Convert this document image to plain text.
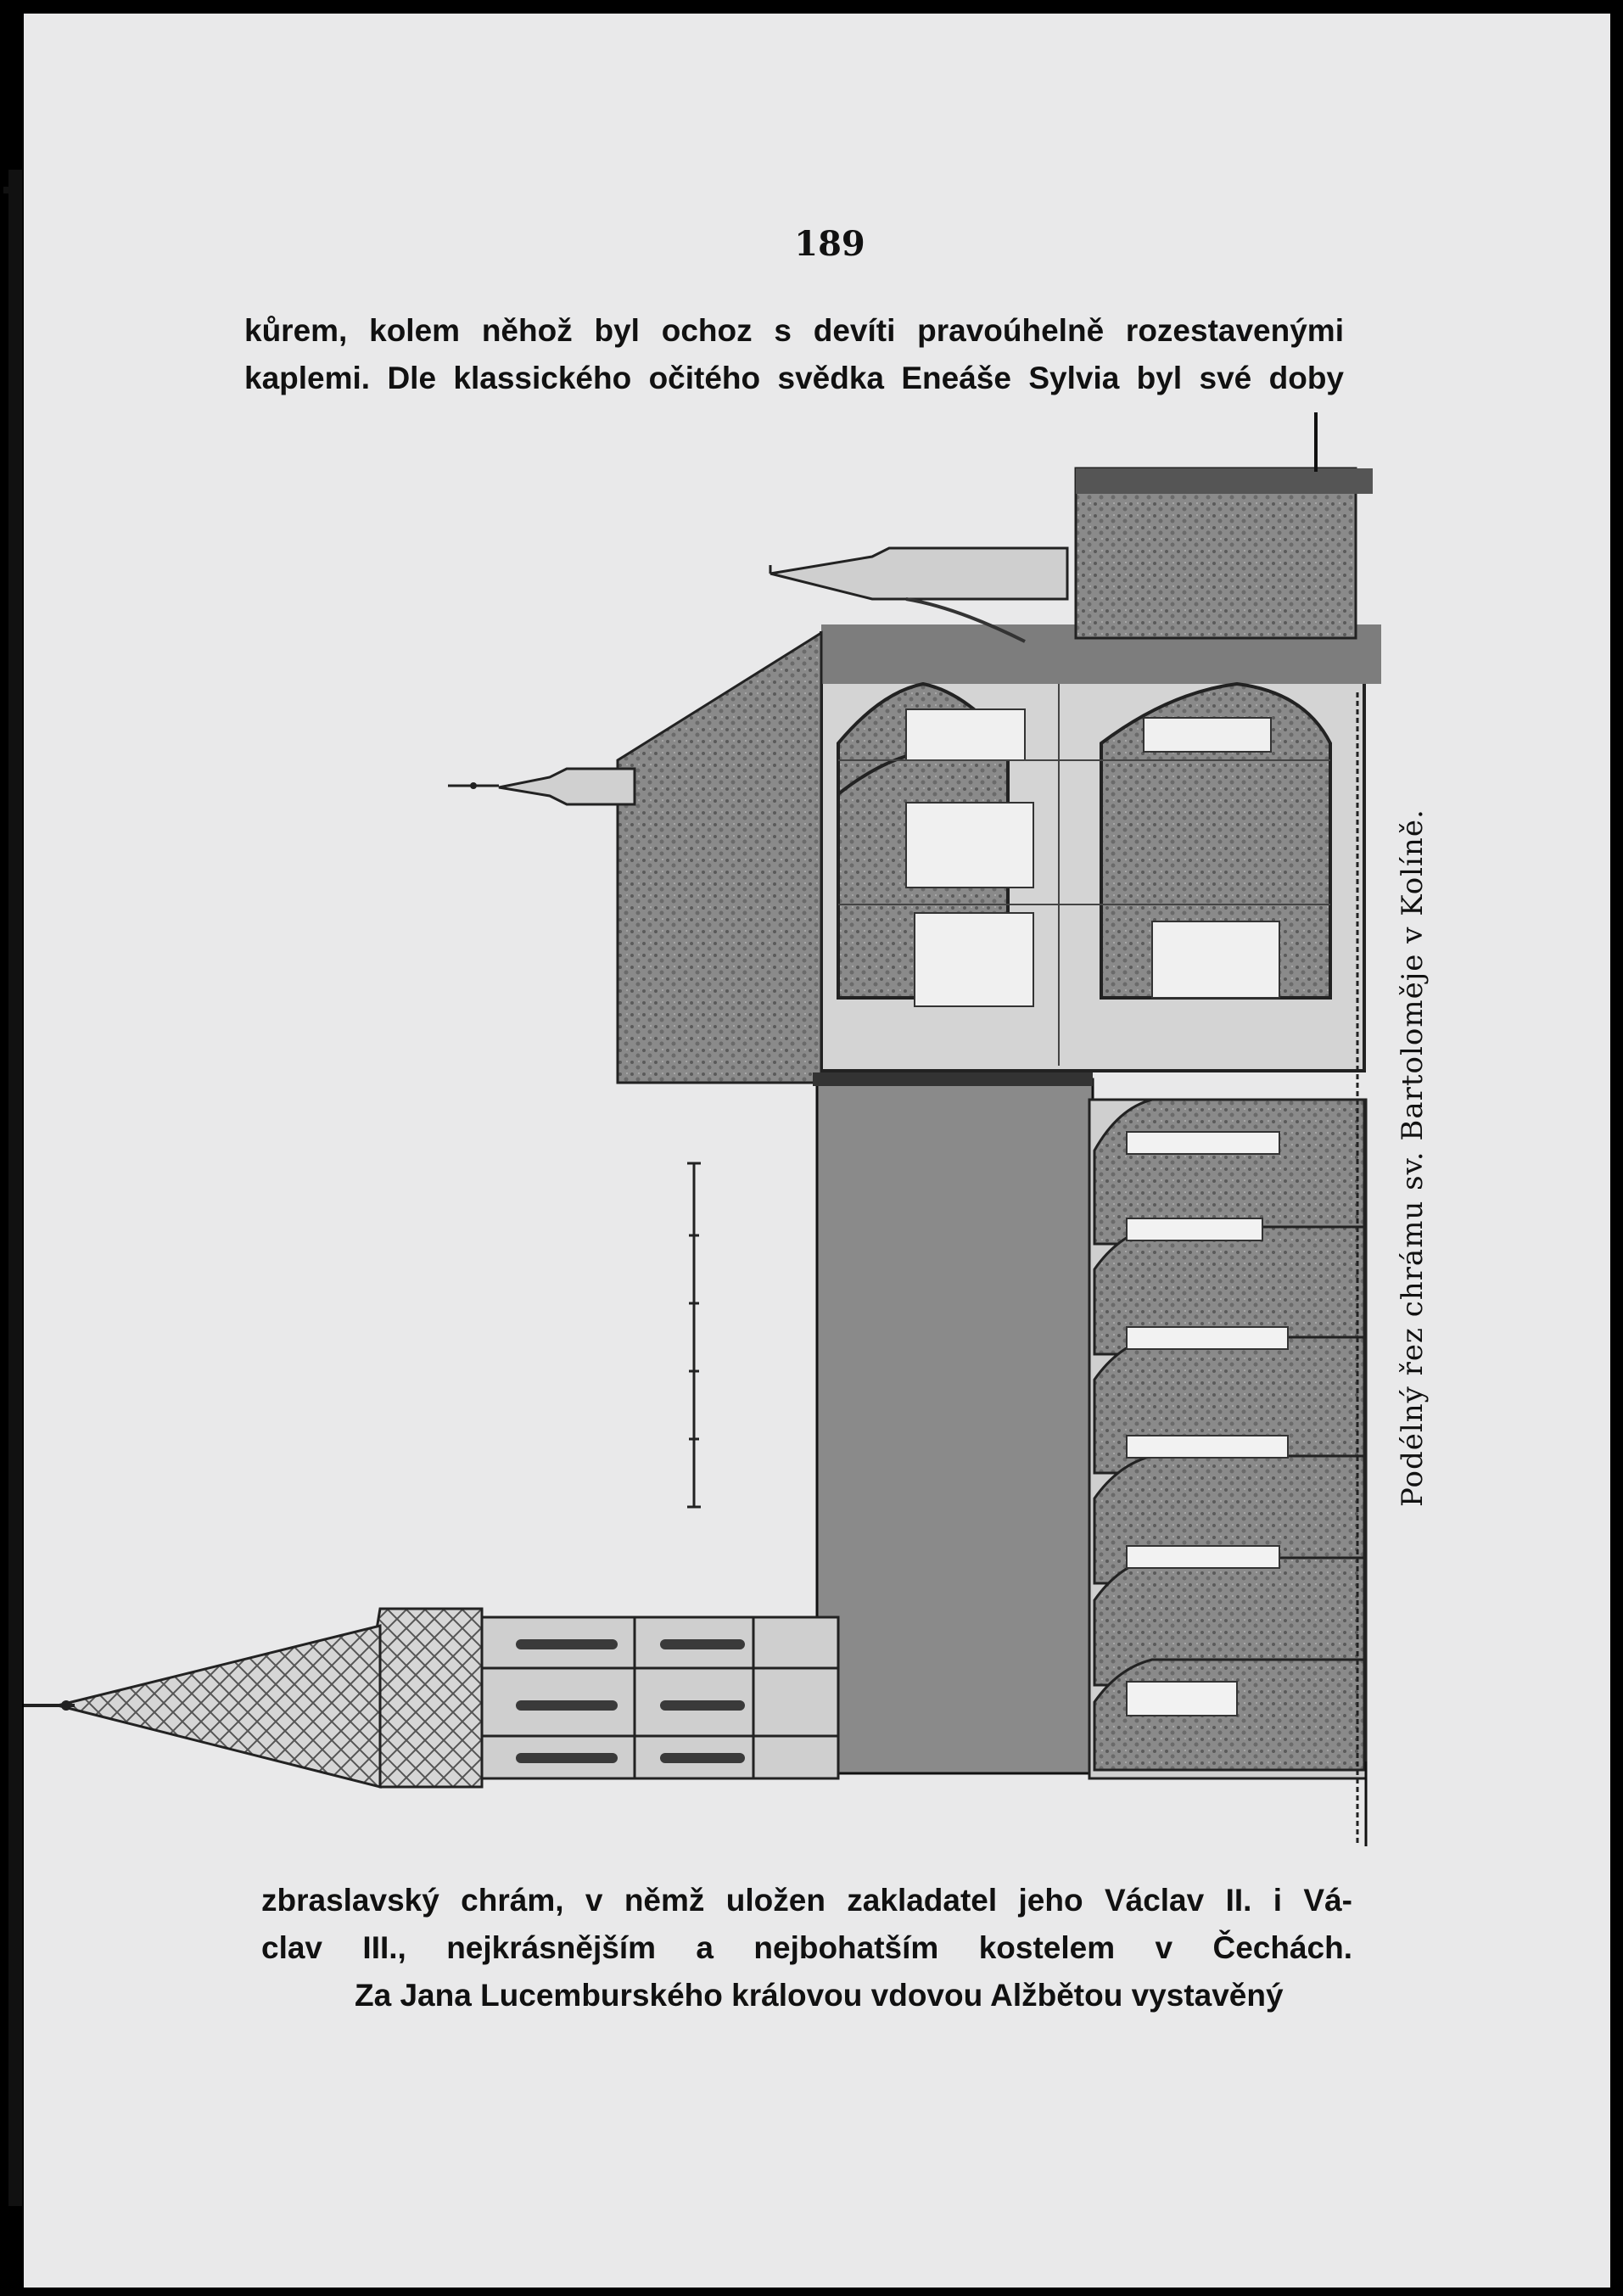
189
kůrem, kolem něhož byl ochoz s devíti pravoúhelně rozestavenými
kaplemi. Dle klassického očitého svědka Eneáše Sylvia byl své doby
Podélný řez chrámu sv. Bartoloměje v Kolíně.
zbraslavský chrám, v němž uložen zakladatel jeho Václav II. i Vá-
clav III., nejkrásnějším a nejbohatším kostelem v Čechách.
Za Jana Lucemburského královou vdovou Alžbětou vystavěný
